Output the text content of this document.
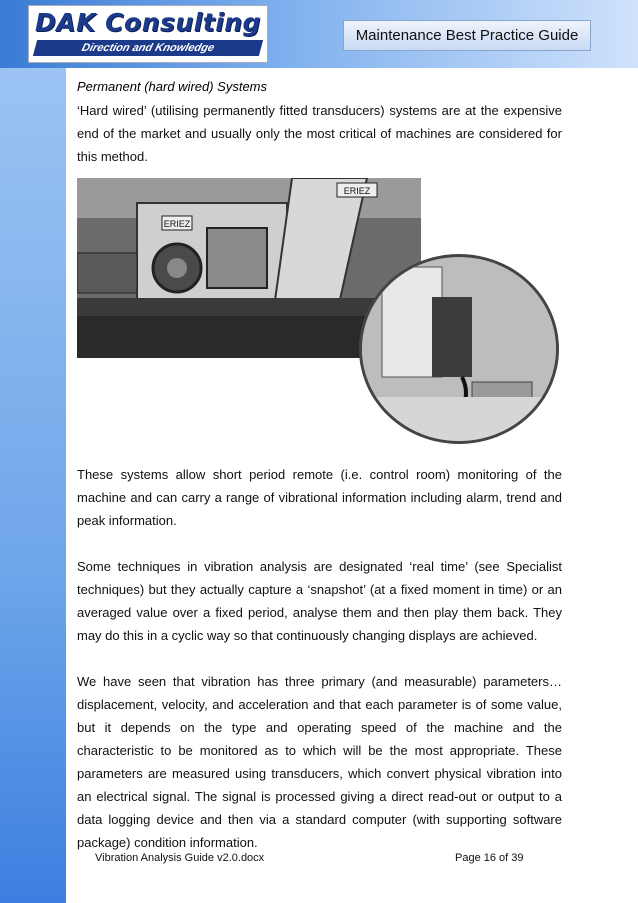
DAK Consulting
Direction and Knowledge
Maintenance Best Practice Guide
Permanent (hard wired) Systems

‘Hard wired’ (utilising permanently fitted transducers) systems are at the expensive end of the market and usually only the most critical of machines are considered for this method.

ERIEZ
ERIEZ

These systems allow short period remote (i.e. control room) monitoring of the machine and can carry a range of vibrational information including alarm, trend and peak information.

Some techniques in vibration analysis are designated ‘real time’ (see Specialist techniques) but they actually capture a ‘snapshot’ (at a fixed moment in time) or an averaged value over a fixed period, analyse them and then play them back. They may do this in a cyclic way so that continuously changing displays are achieved.

We have seen that vibration has three primary (and measurable) parameters…displacement, velocity, and acceleration and that each parameter is of some value, but it depends on the type and operating speed of the machine and the characteristic to be monitored as to which will be the most appropriate. These parameters are measured using transducers, which convert physical vibration into an electrical signal. The signal is processed giving a direct read-out or output to a data logging device and then via a standard computer (with supporting software package) condition information.

Vibration Analysis Guide v2.0.docx	Page 16 of 39
